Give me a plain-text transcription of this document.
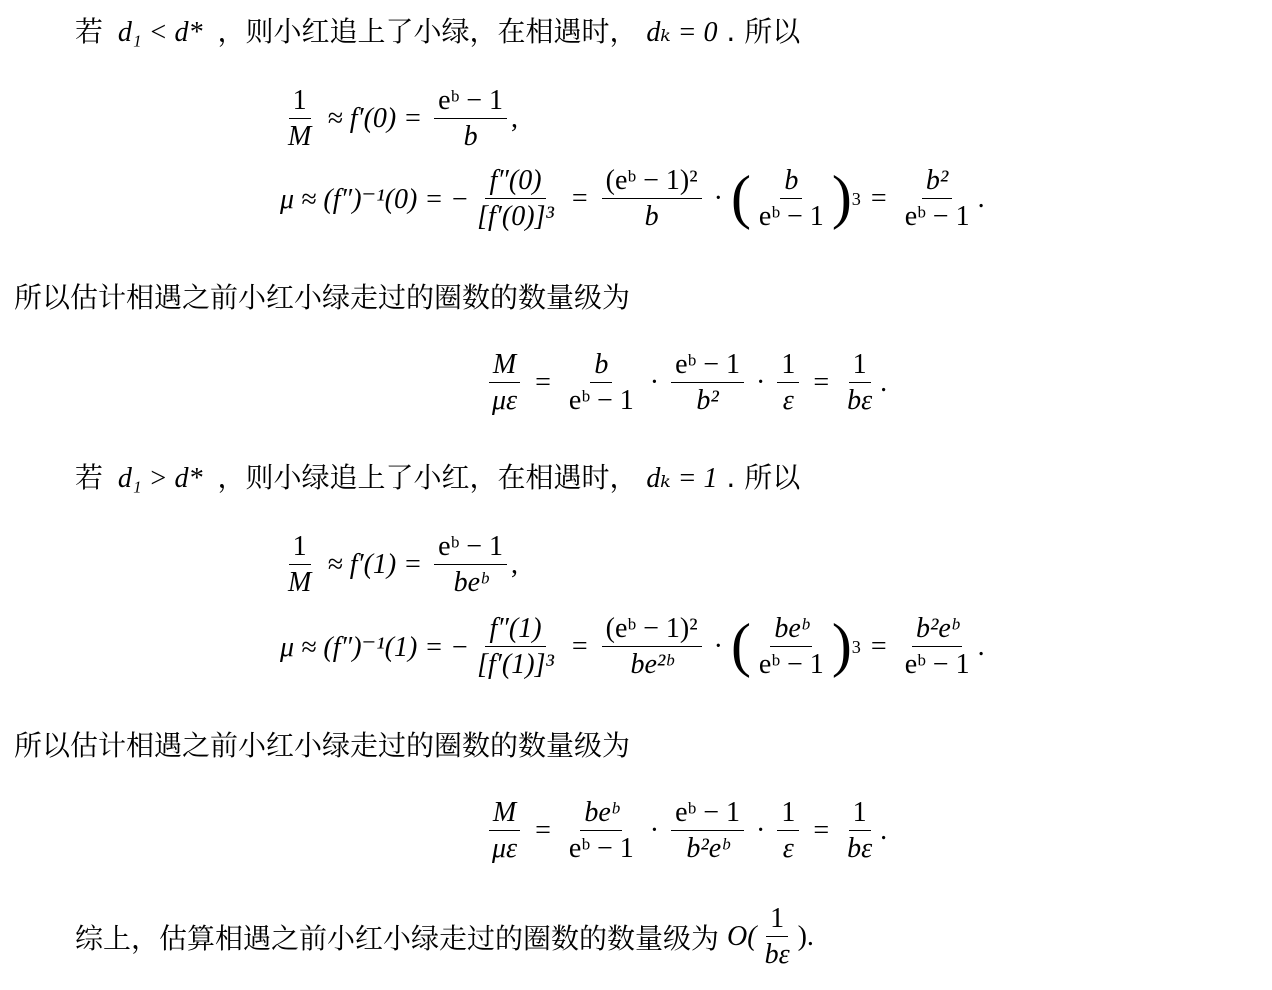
若 d₁ < d* ，则小红追上了小绿，在相遇时， dₖ = 0 . 所以
$\frac{1}{M} \approx f'(0) = \frac{\text{eᵇ − 1}}{b}$ ,
μ ≈ (f″)⁻¹(0) = − $\frac{f''(0)}{\text{[f′(0)]³}} = \frac{\text{(eᵇ − 1)²}}{b}$ · ( $\frac{b}{\text{eᵇ − 1}}$ ) $3 = \frac{\text{b²}}{\text{eᵇ − 1}}$ .
所以估计相遇之前小红小绿走过的圈数的数量级为
$\frac{M}{\mu\varepsilon} = \frac{b}{\text{eᵇ − 1}} \cdot \frac{\text{eᵇ − 1}}{\text{b²}} \cdot \frac{1}{\varepsilon} = \frac{1}{b\varepsilon}$ .
若 d₁ > d* ，则小绿追上了小红，在相遇时， dₖ = 1 . 所以
$\frac{1}{M} \approx f'(1) = \frac{\text{eᵇ − 1}}{\text{beᵇ}}$ ,
μ ≈ (f″)⁻¹(1) = − $\frac{f''(1)}{\text{[f′(1)]³}} = \frac{\text{(eᵇ − 1)²}}{\text{be²ᵇ}}$ · ( $\frac{\text{beᵇ}}{\text{eᵇ − 1}}$ ) $3 = \frac{\text{b²eᵇ}}{\text{eᵇ − 1}}$ .
所以估计相遇之前小红小绿走过的圈数的数量级为
$\frac{M}{\mu\varepsilon} = \frac{\text{beᵇ}}{\text{eᵇ − 1}} \cdot \frac{\text{eᵇ − 1}}{\text{b²eᵇ}} \cdot \frac{1}{\varepsilon} = \frac{1}{b\varepsilon}$ .
综上，估算相遇之前小红小绿走过的圈数的数量级为 $O( \frac{1}{b\varepsilon}$ ).
